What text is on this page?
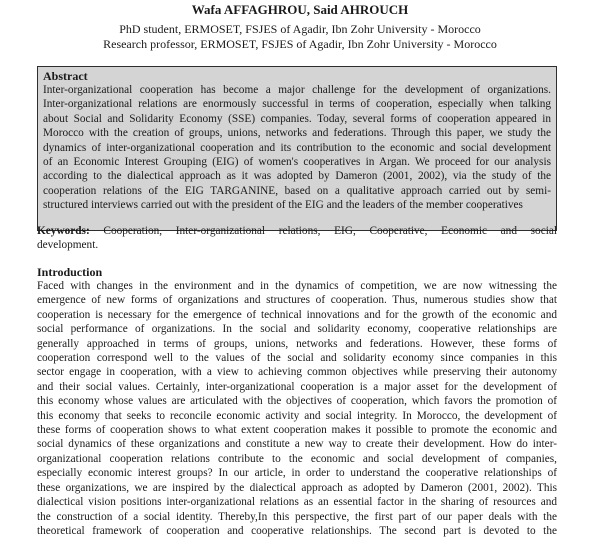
Wafa AFFAGHROU, Said AHROUCH
PhD student, ERMOSET, FSJES of Agadir, Ibn Zohr University - Morocco
Research professor, ERMOSET, FSJES of Agadir, Ibn Zohr University - Morocco
Abstract
Inter-organizational cooperation has become a major challenge for the development of organizations.
Inter-organizational relations are enormously successful in terms of cooperation, especially when talking
about Social and Solidarity Economy (SSE) companies. Today, several forms of cooperation appeared in
Morocco with the creation of groups, unions, networks and federations. Through this paper, we study the
dynamics of inter-organizational cooperation and its contribution to the economic and social development
of an Economic Interest Grouping (EIG) of women's cooperatives in Argan. We proceed for our analysis
according to the dialectical approach as it was adopted by Dameron (2001, 2002), via the study of the
cooperation relations of the EIG TARGANINE, based on a qualitative approach carried out by semi-
structured interviews carried out with the president of the EIG and the leaders of the member cooperatives
Keywords: Cooperation, Inter-organizational relations, EIG, Cooperative, Economic and social
development.
Introduction
Faced with changes in the environment and in the dynamics of competition, we are now witnessing the
emergence of new forms of organizations and structures of cooperation. Thus, numerous studies show that
cooperation is necessary for the emergence of technical innovations and for the growth of the economic and
social performance of organizations. In the social and solidarity economy, cooperative relationships are
generally approached in terms of groups, unions, networks and federations. However, these forms of
cooperation correspond well to the values of the social and solidarity economy since companies in this
sector engage in cooperation, with a view to achieving common objectives while preserving their autonomy
and their social values. Certainly, inter-organizational cooperation is a major asset for the development of
this economy whose values are articulated with the objectives of cooperation, which favors the promotion of
this economy that seeks to reconcile economic activity and social integrity. In Morocco, the development of
these forms of cooperation shows to what extent cooperation makes it possible to promote the economic and
social dynamics of these organizations and constitute a new way to create their development. How do inter-
organizational cooperation relations contribute to the economic and social development of companies,
especially economic interest groups? In our article, in order to understand the cooperative relationships of
these organizations, we are inspired by the dialectical approach as adopted by Dameron (2001, 2002). This
dialectical vision positions inter-organizational relations as an essential factor in the sharing of resources and
the construction of a social identity. Thereby,In this perspective, the first part of our paper deals with the
theoretical framework of cooperation and cooperative relationships. The second part is devoted to the
